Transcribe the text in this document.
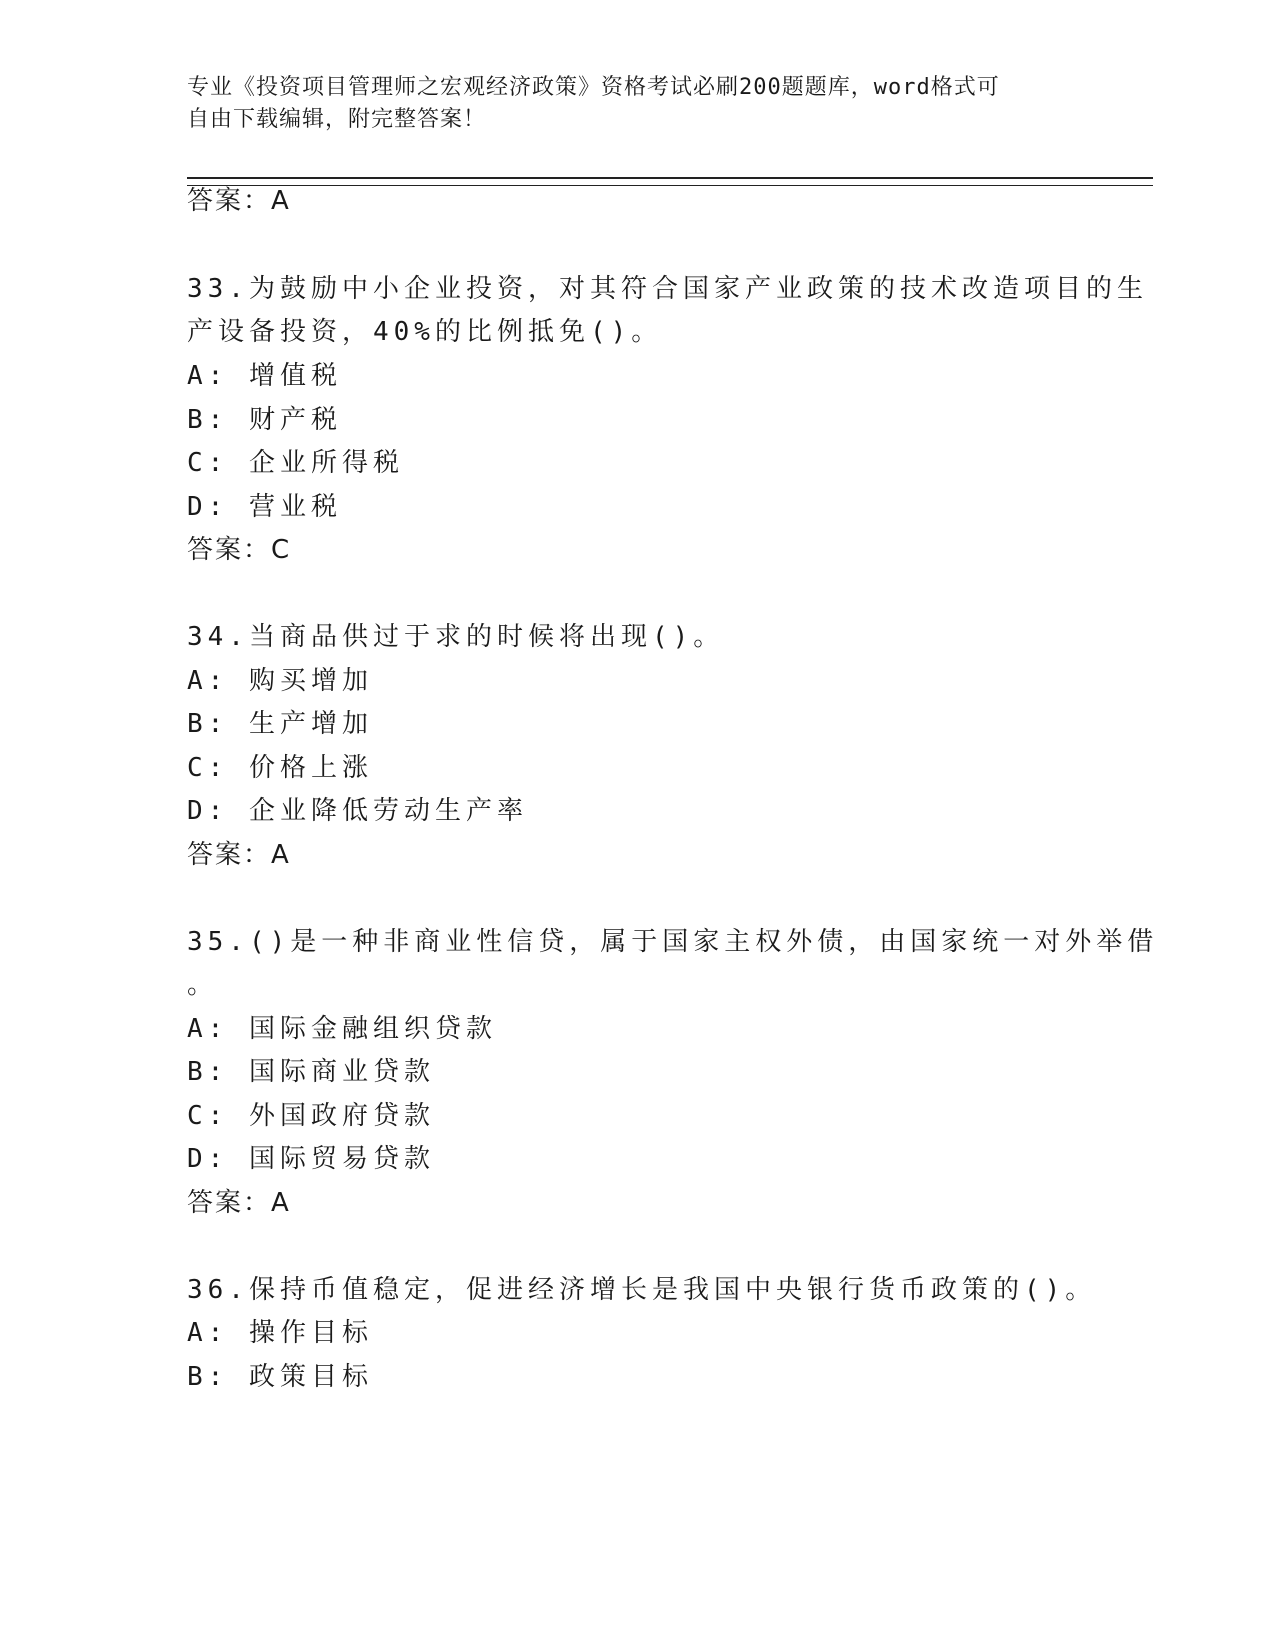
专业《投资项目管理师之宏观经济政策》资格考试必刷200题题库，word格式可
自由下载编辑，附完整答案！
答案：A
33.为鼓励中小企业投资，对其符合国家产业政策的技术改造项目的生
产设备投资，40%的比例抵免()。
A: 增值税
B: 财产税
C: 企业所得税
D: 营业税
答案：C
34.当商品供过于求的时候将出现()。
A: 购买增加
B: 生产增加
C: 价格上涨
D: 企业降低劳动生产率
答案：A
35.()是一种非商业性信贷，属于国家主权外债，由国家统一对外举借
。
A: 国际金融组织贷款
B: 国际商业贷款
C: 外国政府贷款
D: 国际贸易贷款
答案：A
36.保持币值稳定，促进经济增长是我国中央银行货币政策的()。
A: 操作目标
B: 政策目标
